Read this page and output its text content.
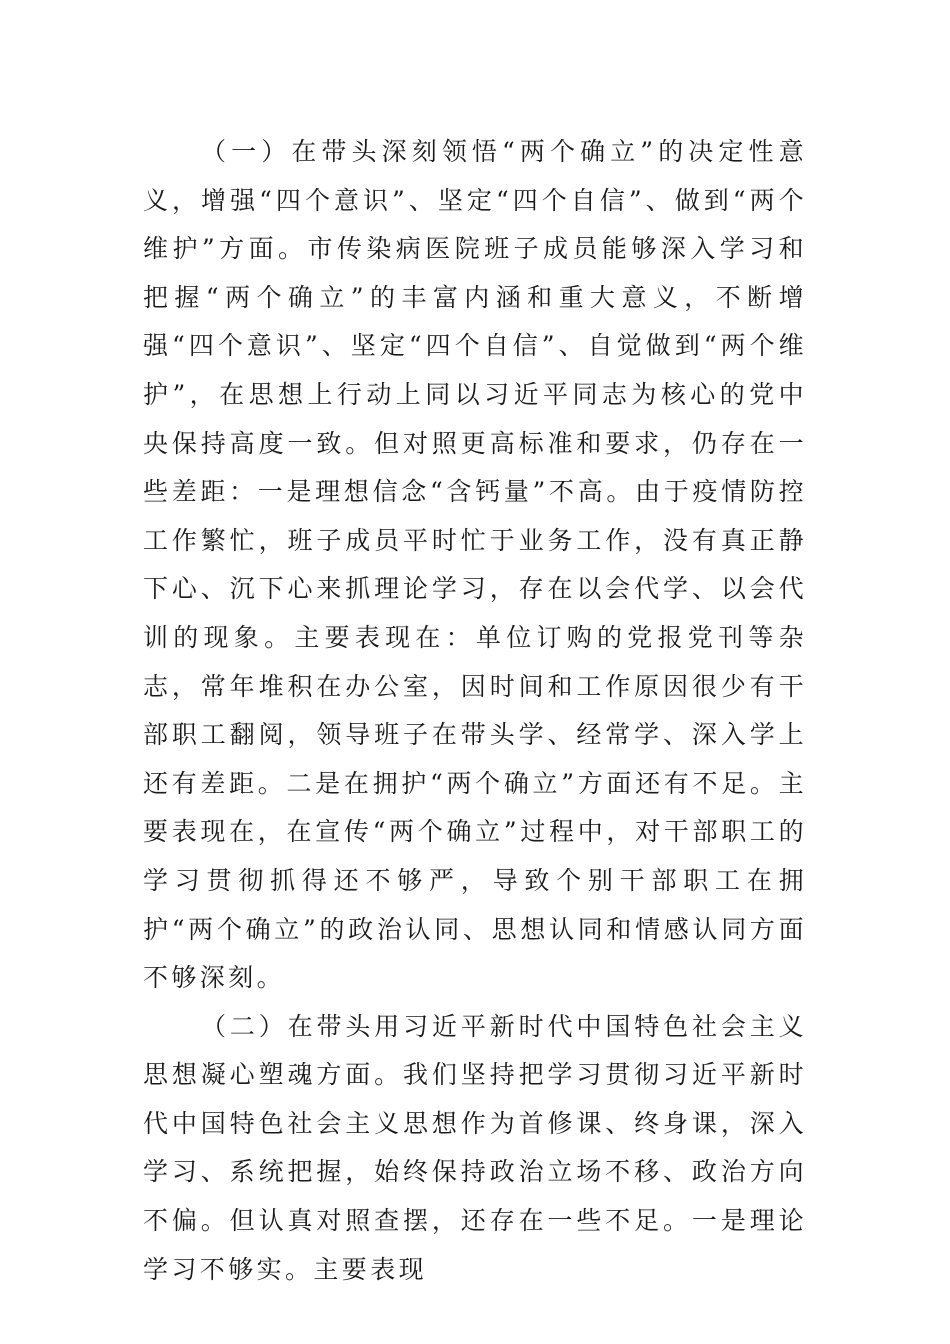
（一）在带头深刻领悟“两个确立”的决定性意义，增强“四个意识”、坚定“四个自信”、做到“两个维护”方面。市传染病医院班子成员能够深入学习和把握“两个确立”的丰富内涵和重大意义，不断增强“四个意识”、坚定“四个自信”、自觉做到“两个维护”，在思想上行动上同以习近平同志为核心的党中央保持高度一致。但对照更高标准和要求，仍存在一些差距：一是理想信念“含钙量”不高。由于疫情防控工作繁忙，班子成员平时忙于业务工作，没有真正静下心、沉下心来抓理论学习，存在以会代学、以会代训的现象。主要表现在：单位订购的党报党刊等杂志，常年堆积在办公室，因时间和工作原因很少有干部职工翻阅，领导班子在带头学、经常学、深入学上还有差距。二是在拥护“两个确立”方面还有不足。主要表现在，在宣传“两个确立”过程中，对干部职工的学习贯彻抓得还不够严，导致个别干部职工在拥护“两个确立”的政治认同、思想认同和情感认同方面不够深刻。

（二）在带头用习近平新时代中国特色社会主义思想凝心塑魂方面。我们坚持把学习贯彻习近平新时代中国特色社会主义思想作为首修课、终身课，深入学习、系统把握，始终保持政治立场不移、政治方向不偏。但认真对照查摆，还存在一些不足。一是理论学习不够实。主要表现
